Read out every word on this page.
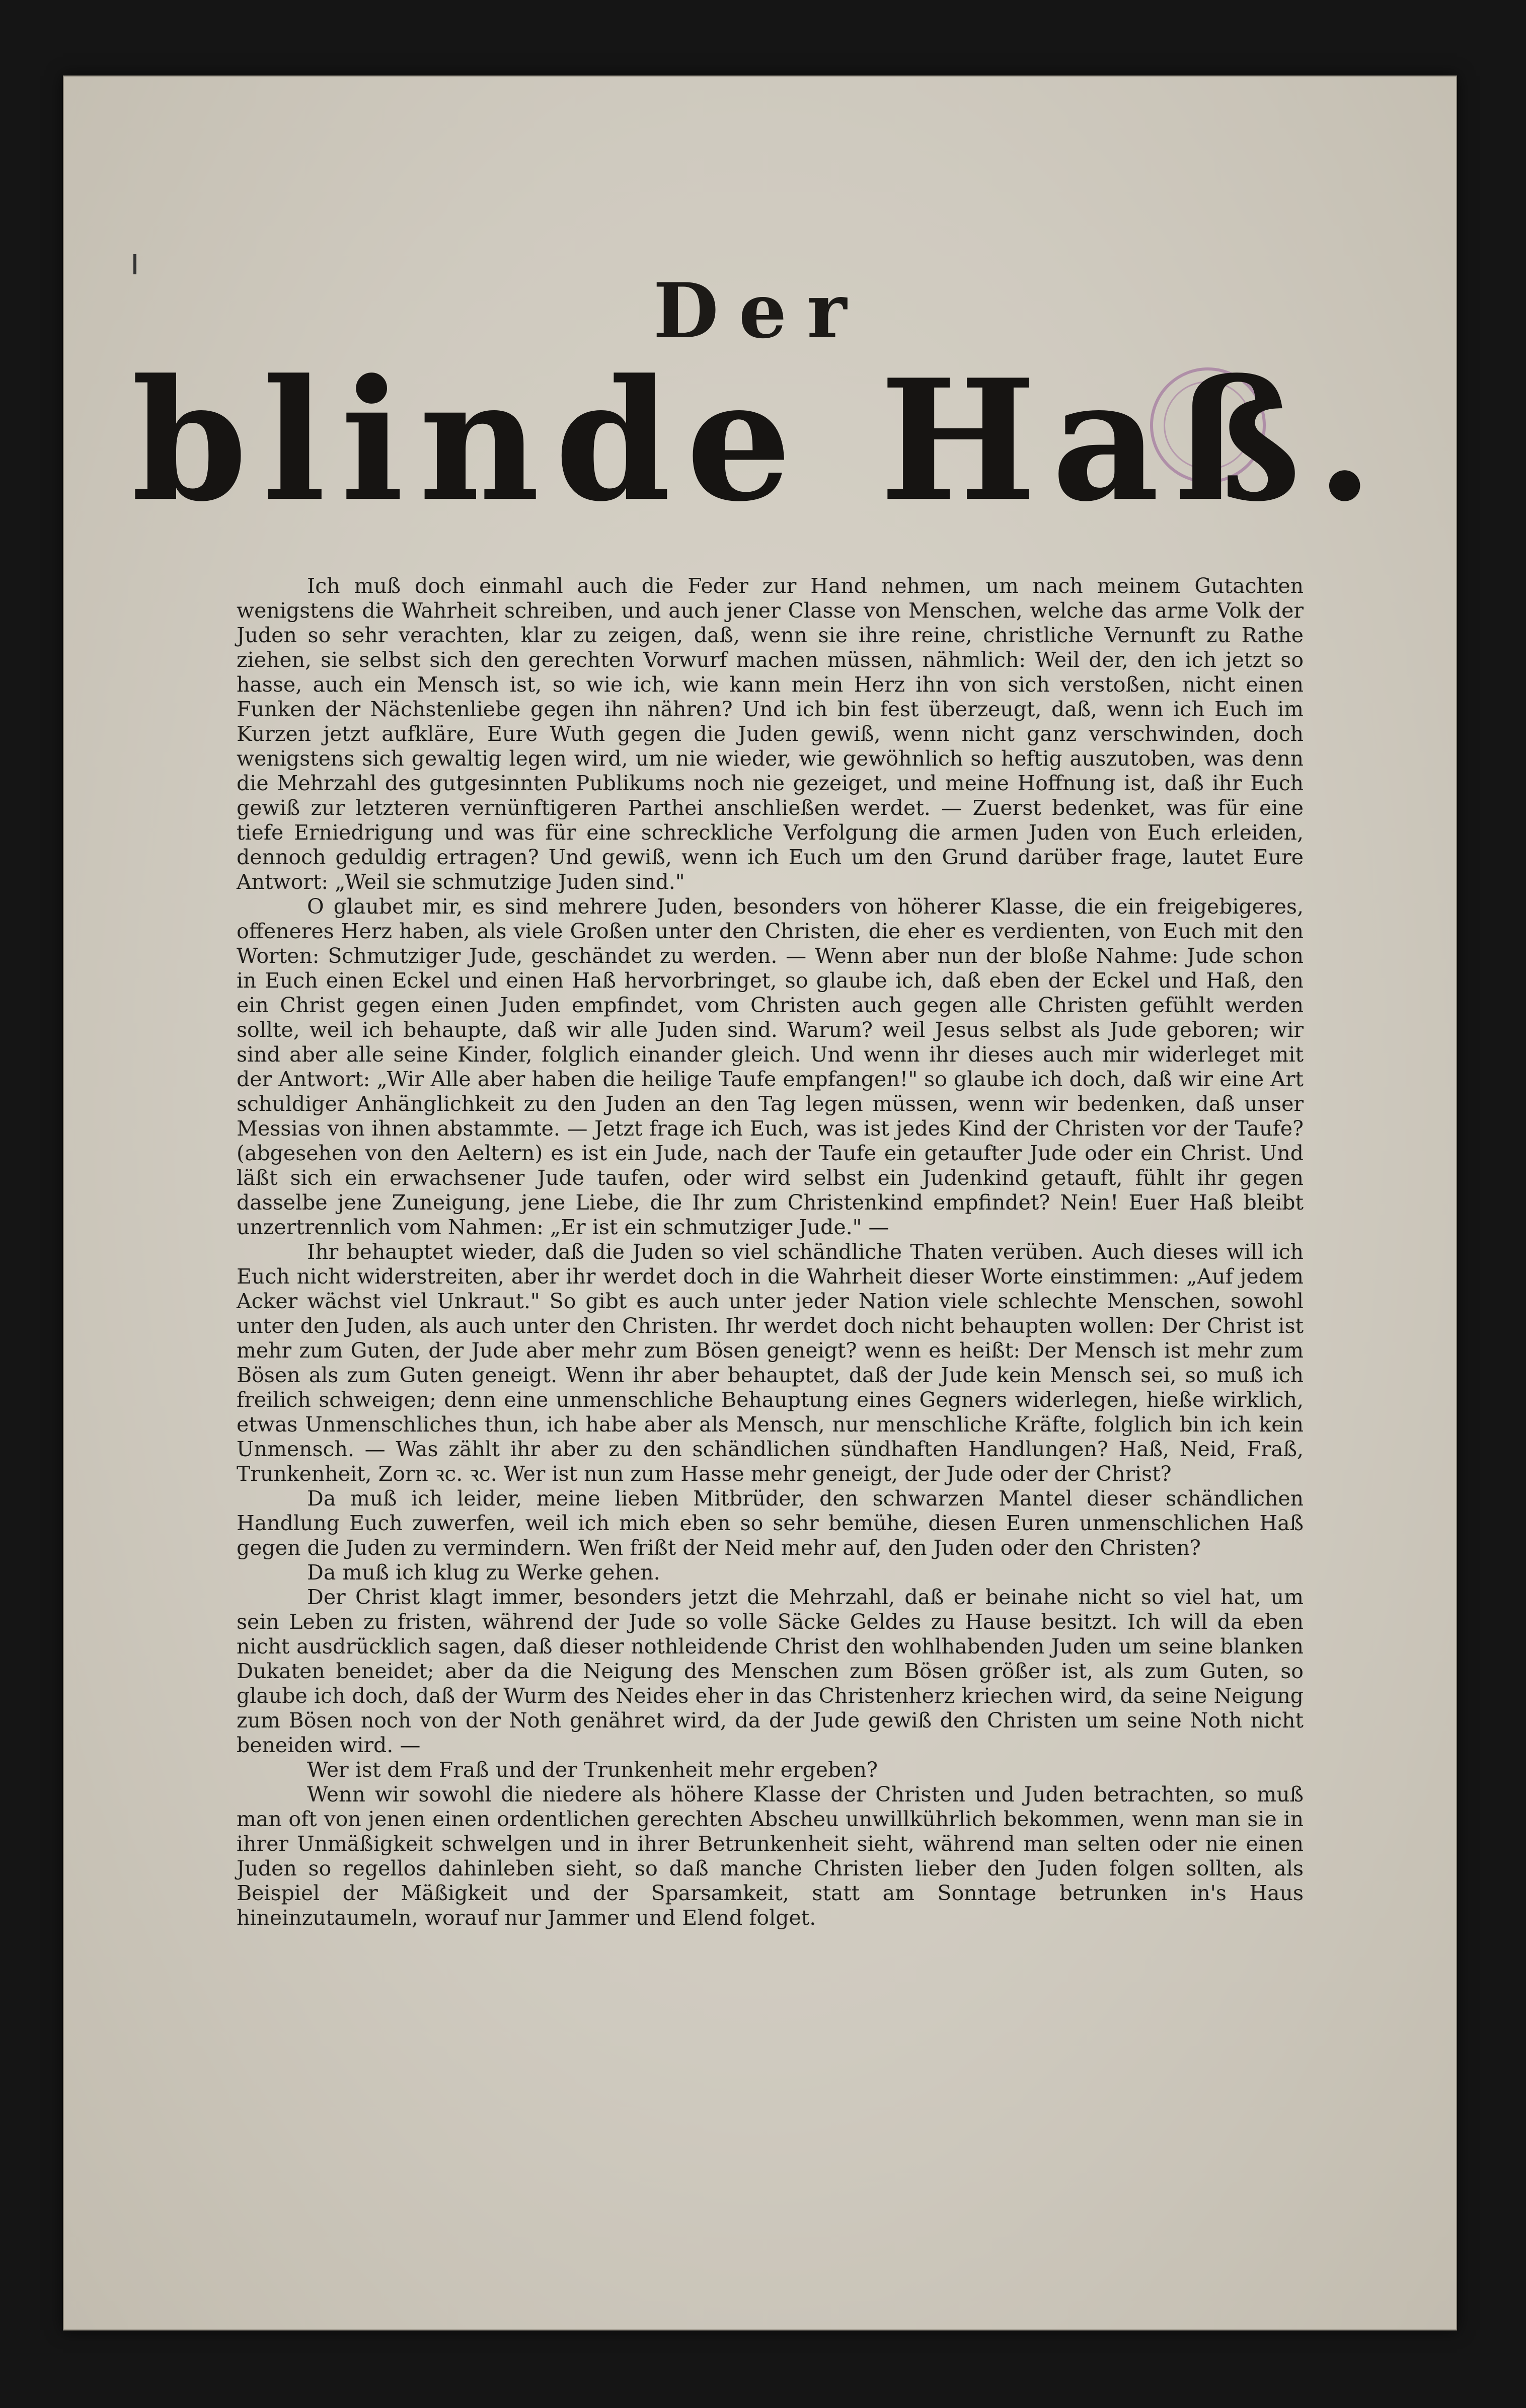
Der
blinde Haß.

Ich muß doch einmahl auch die Feder zur Hand nehmen, um nach meinem Gutachten wenigstens die Wahrheit schreiben, und auch jener Classe von Menschen, welche das arme Volk der Juden so sehr verachten, klar zu zeigen, daß, wenn sie ihre reine, christliche Vernunft zu Rathe ziehen, sie selbst sich den gerechten Vorwurf machen müssen, nähmlich: Weil der, den ich jetzt so hasse, auch ein Mensch ist, so wie ich, wie kann mein Herz ihn von sich verstoßen, nicht einen Funken der Nächstenliebe gegen ihn nähren? Und ich bin fest überzeugt, daß, wenn ich Euch im Kurzen jetzt aufkläre, Eure Wuth gegen die Juden gewiß, wenn nicht ganz verschwinden, doch wenigstens sich gewaltig legen wird, um nie wieder, wie gewöhnlich so heftig auszutoben, was denn die Mehrzahl des gutgesinnten Publikums noch nie gezeiget, und meine Hoffnung ist, daß ihr Euch gewiß zur letzteren vernünftigeren Parthei anschließen werdet. — Zuerst bedenket, was für eine tiefe Erniedrigung und was für eine schreckliche Verfolgung die armen Juden von Euch erleiden, dennoch geduldig ertragen? Und gewiß, wenn ich Euch um den Grund darüber frage, lautet Eure Antwort: „Weil sie schmutzige Juden sind."

O glaubet mir, es sind mehrere Juden, besonders von höherer Klasse, die ein freigebigeres, offeneres Herz haben, als viele Großen unter den Christen, die eher es verdienten, von Euch mit den Worten: Schmutziger Jude, geschändet zu werden. — Wenn aber nun der bloße Nahme: Jude schon in Euch einen Eckel und einen Haß hervorbringet, so glaube ich, daß eben der Eckel und Haß, den ein Christ gegen einen Juden empfindet, vom Christen auch gegen alle Christen gefühlt werden sollte, weil ich behaupte, daß wir alle Juden sind. Warum? weil Jesus selbst als Jude geboren; wir sind aber alle seine Kinder, folglich einander gleich. Und wenn ihr dieses auch mir widerleget mit der Antwort: „Wir Alle aber haben die heilige Taufe empfangen!" so glaube ich doch, daß wir eine Art schuldiger Anhänglichkeit zu den Juden an den Tag legen müssen, wenn wir bedenken, daß unser Messias von ihnen abstammte. — Jetzt frage ich Euch, was ist jedes Kind der Christen vor der Taufe? (abgesehen von den Aeltern) es ist ein Jude, nach der Taufe ein getaufter Jude oder ein Christ. Und läßt sich ein erwachsener Jude taufen, oder wird selbst ein Judenkind getauft, fühlt ihr gegen dasselbe jene Zuneigung, jene Liebe, die Ihr zum Christenkind empfindet? Nein! Euer Haß bleibt unzertrennlich vom Nahmen: „Er ist ein schmutziger Jude." —

Ihr behauptet wieder, daß die Juden so viel schändliche Thaten verüben. Auch dieses will ich Euch nicht widerstreiten, aber ihr werdet doch in die Wahrheit dieser Worte einstimmen: „Auf jedem Acker wächst viel Unkraut." So gibt es auch unter jeder Nation viele schlechte Menschen, sowohl unter den Juden, als auch unter den Christen. Ihr werdet doch nicht behaupten wollen: Der Christ ist mehr zum Guten, der Jude aber mehr zum Bösen geneigt? wenn es heißt: Der Mensch ist mehr zum Bösen als zum Guten geneigt. Wenn ihr aber behauptet, daß der Jude kein Mensch sei, so muß ich freilich schweigen; denn eine unmenschliche Behauptung eines Gegners widerlegen, hieße wirklich, etwas Unmenschliches thun, ich habe aber als Mensch, nur menschliche Kräfte, folglich bin ich kein Unmensch. — Was zählt ihr aber zu den schändlichen sündhaften Handlungen? Haß, Neid, Fraß, Trunkenheit, Zorn ꝛc. ꝛc. Wer ist nun zum Hasse mehr geneigt, der Jude oder der Christ?

Da muß ich leider, meine lieben Mitbrüder, den schwarzen Mantel dieser schändlichen Handlung Euch zuwerfen, weil ich mich eben so sehr bemühe, diesen Euren unmenschlichen Haß gegen die Juden zu vermindern. Wen frißt der Neid mehr auf, den Juden oder den Christen?

Da muß ich klug zu Werke gehen.

Der Christ klagt immer, besonders jetzt die Mehrzahl, daß er beinahe nicht so viel hat, um sein Leben zu fristen, während der Jude so volle Säcke Geldes zu Hause besitzt. Ich will da eben nicht ausdrücklich sagen, daß dieser nothleidende Christ den wohlhabenden Juden um seine blanken Dukaten beneidet; aber da die Neigung des Menschen zum Bösen größer ist, als zum Guten, so glaube ich doch, daß der Wurm des Neides eher in das Christenherz kriechen wird, da seine Neigung zum Bösen noch von der Noth genähret wird, da der Jude gewiß den Christen um seine Noth nicht beneiden wird. —

Wer ist dem Fraß und der Trunkenheit mehr ergeben?

Wenn wir sowohl die niedere als höhere Klasse der Christen und Juden betrachten, so muß man oft von jenen einen ordentlichen gerechten Abscheu unwillkührlich bekommen, wenn man sie in ihrer Unmäßigkeit schwelgen und in ihrer Betrunkenheit sieht, während man selten oder nie einen Juden so regellos dahinleben sieht, so daß manche Christen lieber den Juden folgen sollten, als Beispiel der Mäßigkeit und der Sparsamkeit, statt am Sonntage betrunken in's Haus hineinzutaumeln, worauf nur Jammer und Elend folget.
